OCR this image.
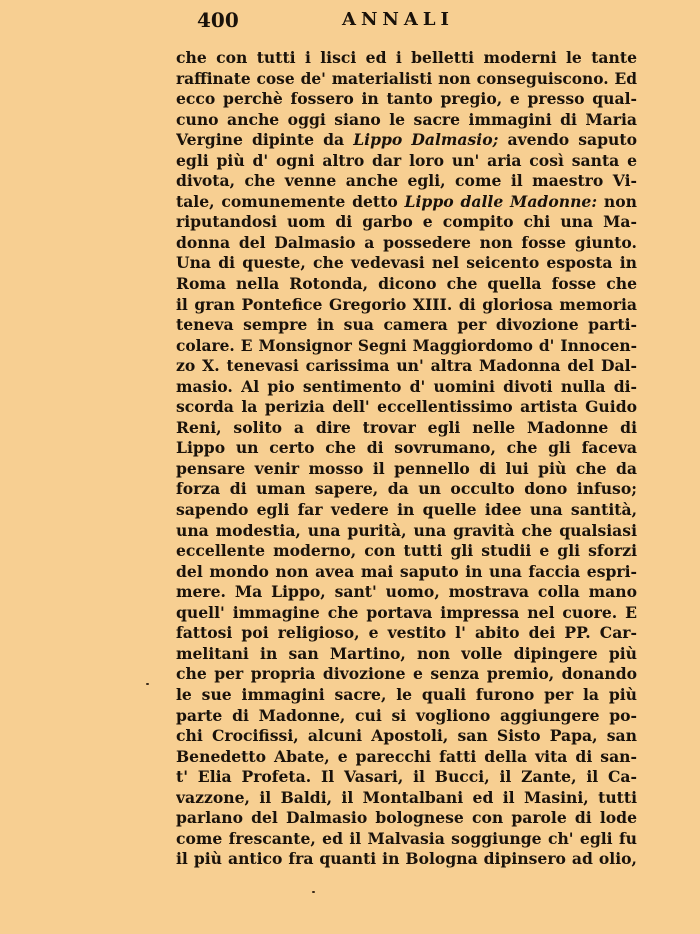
400	ANNALI
che con tutti i lisci ed i belletti moderni le tante
raffinate cose de' materialisti non conseguiscono. Ed
ecco perchè fossero in tanto pregio, e presso qual-
cuno anche oggi siano le sacre immagini di Maria
Vergine dipinte da Lippo Dalmasio; avendo saputo
egli più d' ogni altro dar loro un' aria così santa e
divota, che venne anche egli, come il maestro Vi-
tale, comunemente detto Lippo dalle Madonne: non
riputandosi uom di garbo e compito chi una Ma-
donna del Dalmasio a possedere non fosse giunto.
Una di queste, che vedevasi nel seicento esposta in
Roma nella Rotonda, dicono che quella fosse che
il gran Pontefice Gregorio XIII. di gloriosa memoria
teneva sempre in sua camera per divozione parti-
colare. E Monsignor Segni Maggiordomo d' Innocen-
zo X. tenevasi carissima un' altra Madonna del Dal-
masio. Al pio sentimento d' uomini divoti nulla di-
scorda la perizia dell' eccellentissimo artista Guido
Reni, solito a dire trovar egli nelle Madonne di
Lippo un certo che di sovrumano, che gli faceva
pensare venir mosso il pennello di lui più che da
forza di uman sapere, da un occulto dono infuso;
sapendo egli far vedere in quelle idee una santità,
una modestia, una purità, una gravità che qualsiasi
eccellente moderno, con tutti gli studii e gli sforzi
del mondo non avea mai saputo in una faccia espri-
mere. Ma Lippo, sant' uomo, mostrava colla mano
quell' immagine che portava impressa nel cuore. E
fattosi poi religioso, e vestito l' abito dei PP. Car-
melitani in san Martino, non volle dipingere più
che per propria divozione e senza premio, donando
le sue immagini sacre, le quali furono per la più
parte di Madonne, cui si vogliono aggiungere po-
chi Crocifissi, alcuni Apostoli, san Sisto Papa, san
Benedetto Abate, e parecchi fatti della vita di san-
t' Elia Profeta. Il Vasari, il Bucci, il Zante, il Ca-
vazzone, il Baldi, il Montalbani ed il Masini, tutti
parlano del Dalmasio bolognese con parole di lode
come frescante, ed il Malvasia soggiunge ch' egli fu
il più antico fra quanti in Bologna dipinsero ad olio,
